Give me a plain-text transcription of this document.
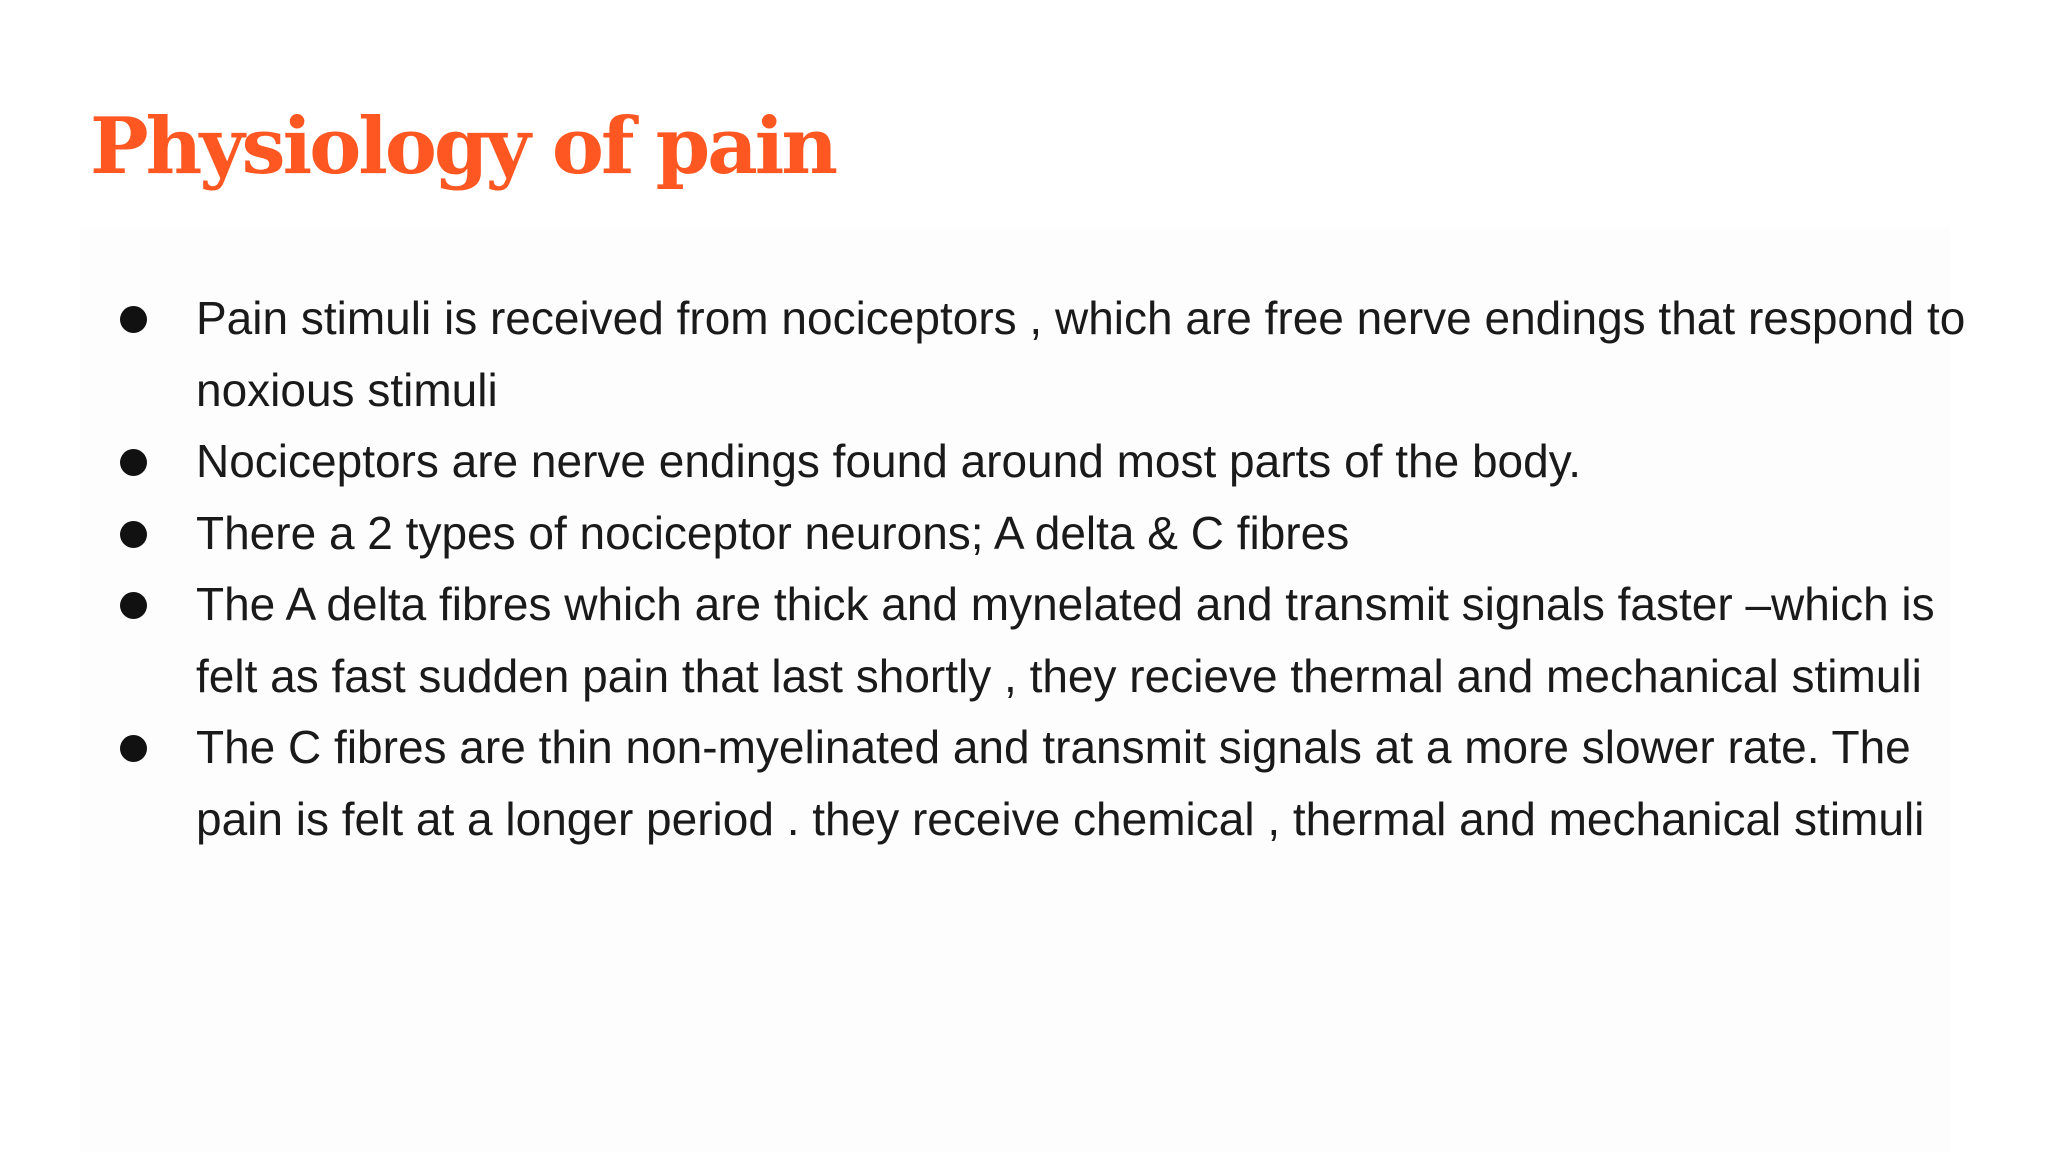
Physiology of pain
Pain stimuli is received from nociceptors , which are free nerve endings that respond to noxious stimuli
Nociceptors are nerve endings found around most parts of the body.
There a 2 types of nociceptor neurons; A delta & C fibres
The A delta fibres which are thick and mynelated and transmit signals faster –which is felt as fast sudden pain that last shortly , they recieve thermal and mechanical stimuli
The C fibres are thin non-myelinated and transmit signals at a more slower rate. The pain is felt at a longer period . they receive chemical , thermal and mechanical stimuli
